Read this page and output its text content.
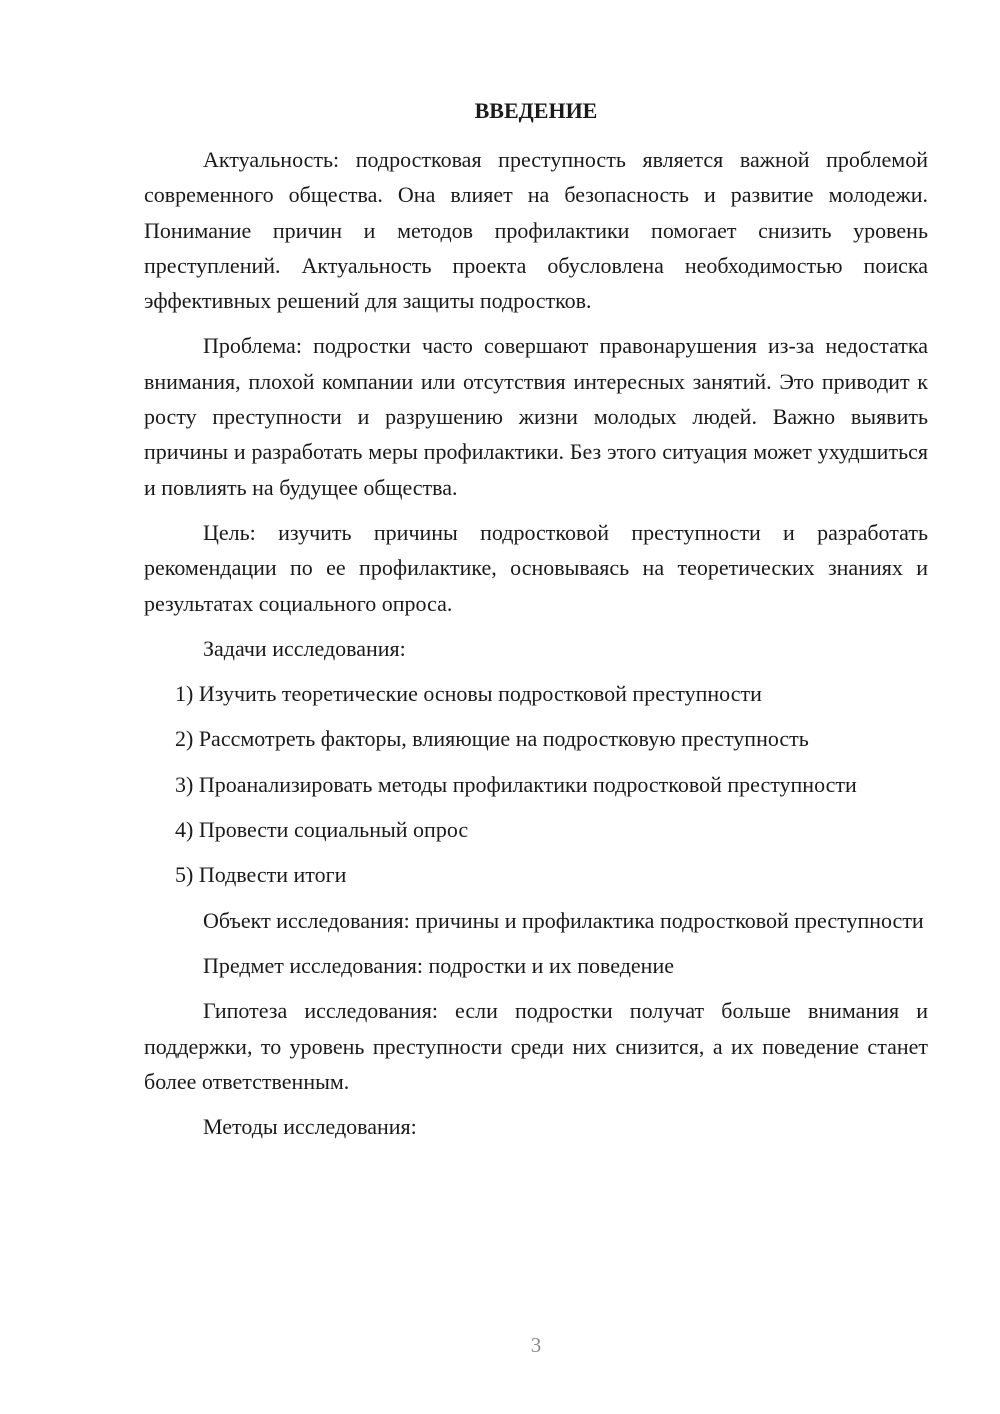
ВВЕДЕНИЕ

Актуальность: подростковая преступность является важной проблемой современного общества. Она влияет на безопасность и развитие молодежи. Понимание причин и методов профилактики помогает снизить уровень преступлений. Актуальность проекта обусловлена необходимостью поиска эффективных решений для защиты подростков.

Проблема: подростки часто совершают правонарушения из-за недостатка внимания, плохой компании или отсутствия интересных занятий. Это приводит к росту преступности и разрушению жизни молодых людей. Важно выявить причины и разработать меры профилактики. Без этого ситуация может ухудшиться и повлиять на будущее общества.

Цель: изучить причины подростковой преступности и разработать рекомендации по ее профилактике, основываясь на теоретических знаниях и результатах социального опроса.

Задачи исследования:

1) Изучить теоретические основы подростковой преступности

2) Рассмотреть факторы, влияющие на подростковую преступность

3) Проанализировать методы профилактики подростковой преступности

4) Провести социальный опрос

5) Подвести итоги

Объект исследования: причины и профилактика подростковой преступности

Предмет исследования: подростки и их поведение

Гипотеза исследования: если подростки получат больше внимания и поддержки, то уровень преступности среди них снизится, а их поведение станет более ответственным.

Методы исследования:

3
